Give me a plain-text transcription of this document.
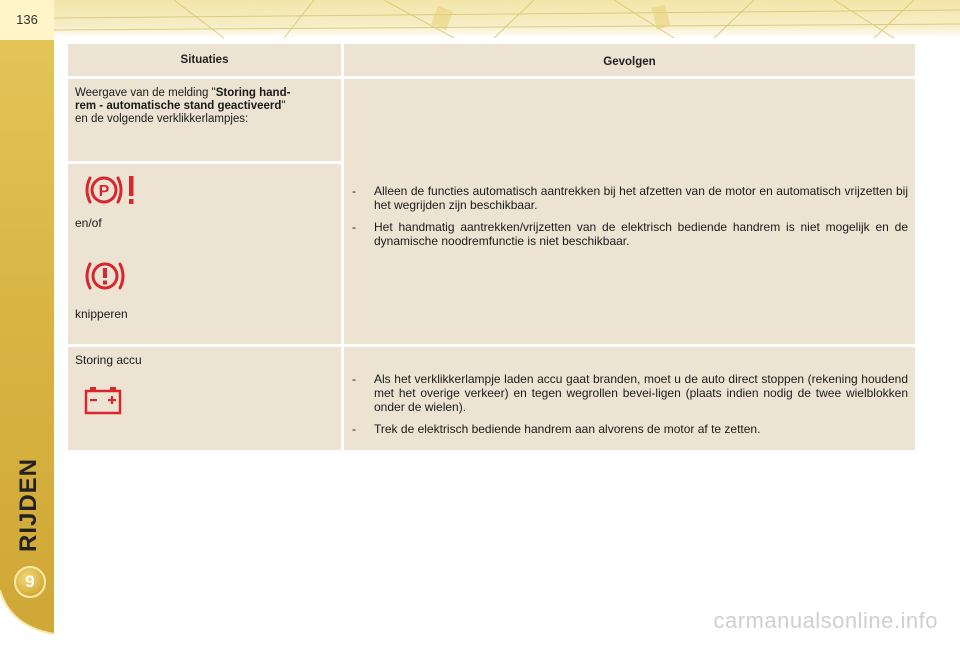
136
RIJDEN
9
Situaties	Gevolgen
Weergave van de melding "Storing hand-
rem - automatische stand geactiveerd"
en de volgende verklikkerlampjes:
P
en/of
knipperen
- Alleen de functies automatisch aantrekken bij het afzetten van de motor en automatisch vrijzetten bij het wegrijden zijn beschikbaar.
- Het handmatig aantrekken/vrijzetten van de elektrisch bediende handrem is niet mogelijk en de dynamische noodremfunctie is niet beschikbaar.
Storing accu
- Als het verklikkerlampje laden accu gaat branden, moet u de auto direct stoppen (rekening houdend met het overige verkeer) en tegen wegrollen bevei-ligen (plaats indien nodig de twee wielblokken onder de wielen).
- Trek de elektrisch bediende handrem aan alvorens de motor af te zetten.
carmanualsonline.info
